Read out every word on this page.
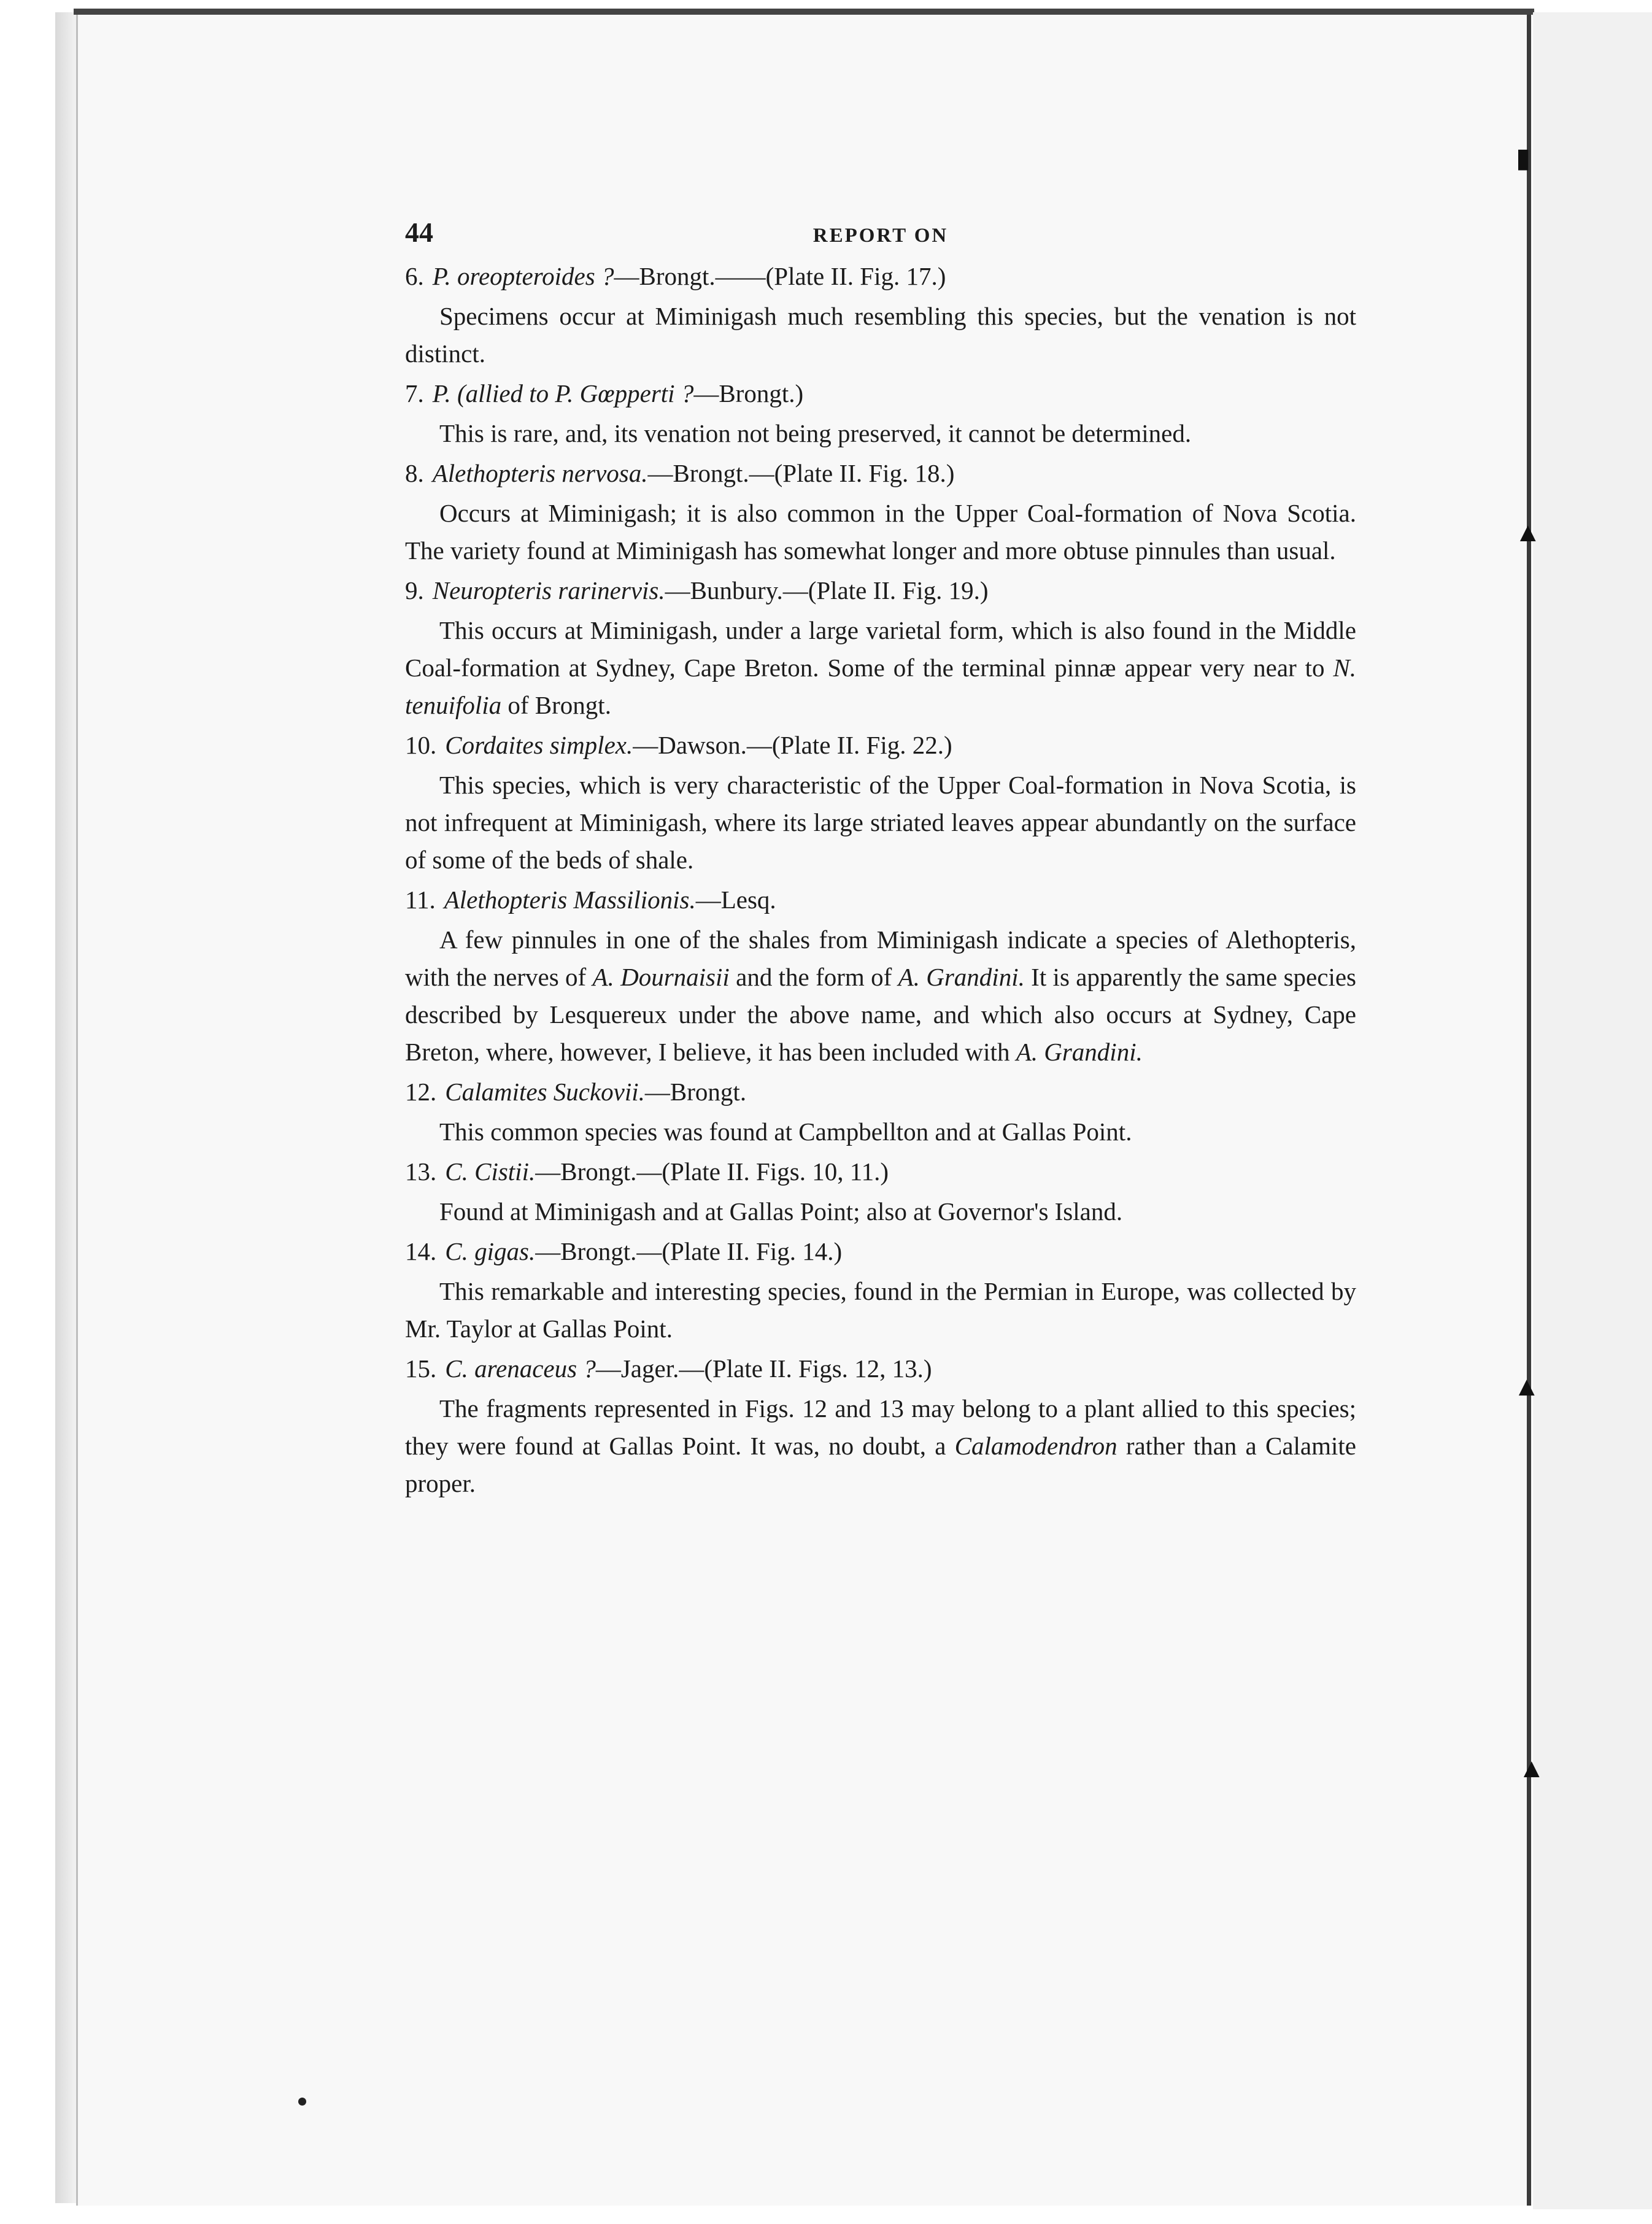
▮
▲
▲
▲
44	REPORT ON

6. P. oreopteroides ?—Brongt.——(Plate II. Fig. 17.)

Specimens occur at Miminigash much resembling this species, but the venation is not distinct.

7. P. (allied to P. Gœpperti ?—Brongt.)

This is rare, and, its venation not being preserved, it cannot be determined.

8. Alethopteris nervosa.—Brongt.—(Plate II. Fig. 18.)

Occurs at Miminigash; it is also common in the Upper Coal-formation of Nova Scotia. The variety found at Miminigash has somewhat longer and more obtuse pinnules than usual.

9. Neuropteris rarinervis.—Bunbury.—(Plate II. Fig. 19.)

This occurs at Miminigash, under a large varietal form, which is also found in the Middle Coal-formation at Sydney, Cape Breton. Some of the terminal pinnæ appear very near to N. tenuifolia of Brongt.

10. Cordaites simplex.—Dawson.—(Plate II. Fig. 22.)

This species, which is very characteristic of the Upper Coal-formation in Nova Scotia, is not infrequent at Miminigash, where its large striated leaves appear abundantly on the surface of some of the beds of shale.

11. Alethopteris Massilionis.—Lesq.

A few pinnules in one of the shales from Miminigash indicate a species of Alethopteris, with the nerves of A. Dournaisii and the form of A. Grandini. It is apparently the same species described by Lesquereux under the above name, and which also occurs at Sydney, Cape Breton, where, however, I believe, it has been included with A. Grandini.

12. Calamites Suckovii.—Brongt.

This common species was found at Campbellton and at Gallas Point.

13. C. Cistii.—Brongt.—(Plate II. Figs. 10, 11.)

Found at Miminigash and at Gallas Point; also at Governor's Island.

14. C. gigas.—Brongt.—(Plate II. Fig. 14.)

This remarkable and interesting species, found in the Permian in Europe, was collected by Mr. Taylor at Gallas Point.

15. C. arenaceus ?—Jager.—(Plate II. Figs. 12, 13.)

The fragments represented in Figs. 12 and 13 may belong to a plant allied to this species; they were found at Gallas Point. It was, no doubt, a Calamodendron rather than a Calamite proper.
